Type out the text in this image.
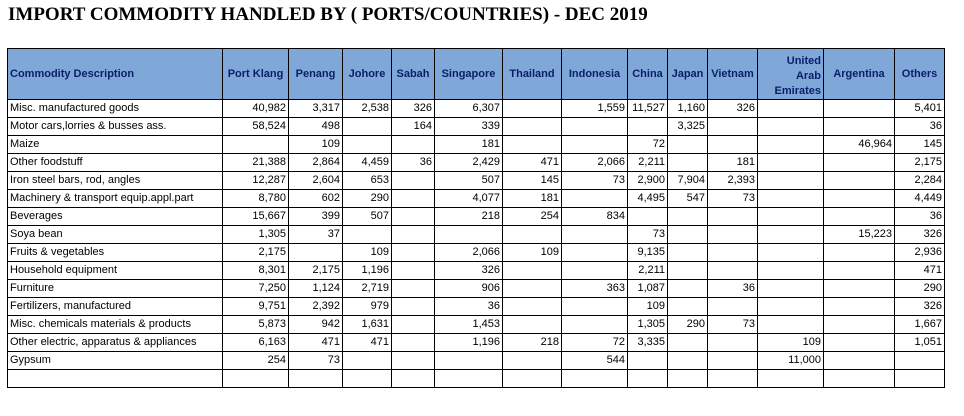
IMPORT COMMODITY HANDLED BY ( PORTS/COUNTRIES) - DEC 2019
Commodity Description	Port Klang	Penang	Johore	Sabah	Singapore	Thailand	Indonesia	China	Japan	Vietnam	United
Arab
Emirates	Argentina	Others
Misc. manufactured goods	40,982	3,317	2,538	326	6,307		1,559	11,527	1,160	326			5,401
Motor cars,lorries & busses ass.	58,524	498		164	339				3,325				36
Maize		109			181			72				46,964	145
Other foodstuff	21,388	2,864	4,459	36	2,429	471	2,066	2,211		181			2,175
Iron steel bars, rod, angles	12,287	2,604	653		507	145	73	2,900	7,904	2,393			2,284
Machinery & transport equip.appl.part	8,780	602	290		4,077	181		4,495	547	73			4,449
Beverages	15,667	399	507		218	254	834						36
Soya bean	1,305	37						73				15,223	326
Fruits & vegetables	2,175		109		2,066	109		9,135					2,936
Household equipment	8,301	2,175	1,196		326			2,211					471
Furniture	7,250	1,124	2,719		906		363	1,087		36			290
Fertilizers, manufactured	9,751	2,392	979		36			109					326
Misc. chemicals materials & products	5,873	942	1,631		1,453			1,305	290	73			1,667
Other electric, apparatus & appliances	6,163	471	471		1,196	218	72	3,335			109		1,051
Gypsum	254	73					544				11,000		
